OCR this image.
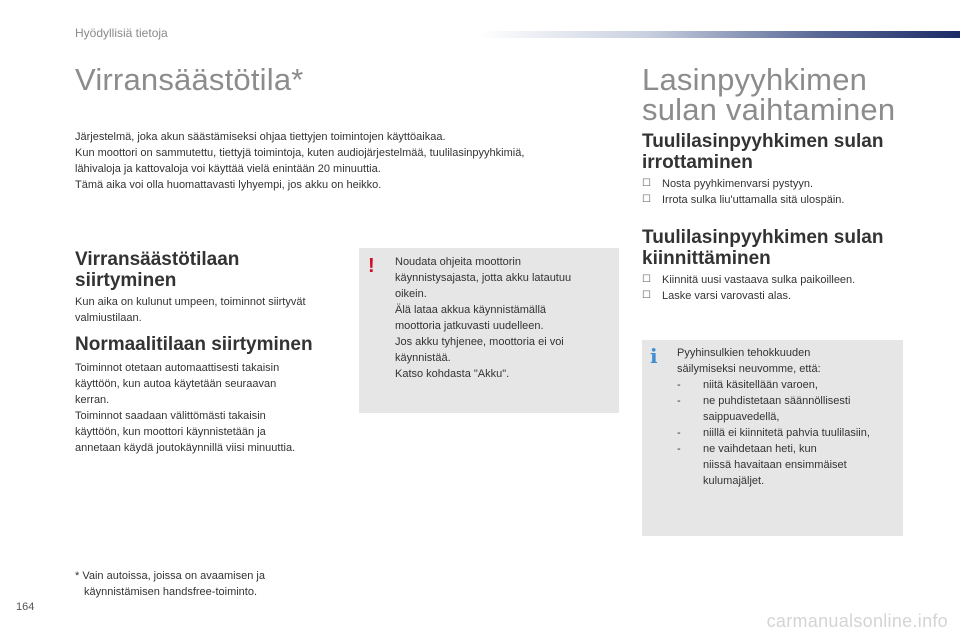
Hyödyllisiä tietoja
Virransäästötila*

Järjestelmä, joka akun säästämiseksi ohjaa tiettyjen toimintojen käyttöaikaa.

Kun moottori on sammutettu, tiettyjä toimintoja, kuten audiojärjestelmää, tuulilasinpyyhkimiä,

lähivaloja ja kattovaloja voi käyttää vielä enintään 20 minuuttia.

Tämä aika voi olla huomattavasti lyhyempi, jos akku on heikko.

Virransäästötilaan
siirtyminen

Kun aika on kulunut umpeen, toiminnot siirtyvät

valmiustilaan.

Normaalitilaan siirtyminen

Toiminnot otetaan automaattisesti takaisin

käyttöön, kun autoa käytetään seuraavan

kerran.

Toiminnot saadaan välittömästi takaisin

käyttöön, kun moottori käynnistetään ja

annetaan käydä joutokäynnillä viisi minuuttia.

! Noudata ohjeita moottorin

käynnistysajasta, jotta akku latautuu

oikein.

Älä lataa akkua käynnistämällä

moottoria jatkuvasti uudelleen.

Jos akku tyhjenee, moottoria ei voi

käynnistää.

Katso kohdasta "Akku".

* Vain autoissa, joissa on avaamisen ja

käynnistämisen handsfree-toiminto.

Lasinpyyhkimen
sulan vaihtaminen
Tuulilasinpyyhkimen sulan
irrottaminen
☐ Nosta pyyhkimenvarsi pystyyn.
☐ Irrota sulka liu'uttamalla sitä ulospäin.
Tuulilasinpyyhkimen sulan
kiinnittäminen
☐ Kiinnitä uusi vastaava sulka paikoilleen.
☐ Laske varsi varovasti alas.
i Pyyhinsulkien tehokkuuden

säilymiseksi neuvomme, että:

- niitä käsitellään varoen,
- ne puhdistetaan säännöllisesti
saippuavedellä,
- niillä ei kiinnitetä pahvia tuulilasiin,
- ne vaihdetaan heti, kun
niissä havaitaan ensimmäiset kulumajäljet.
164
carmanualsonline.info
